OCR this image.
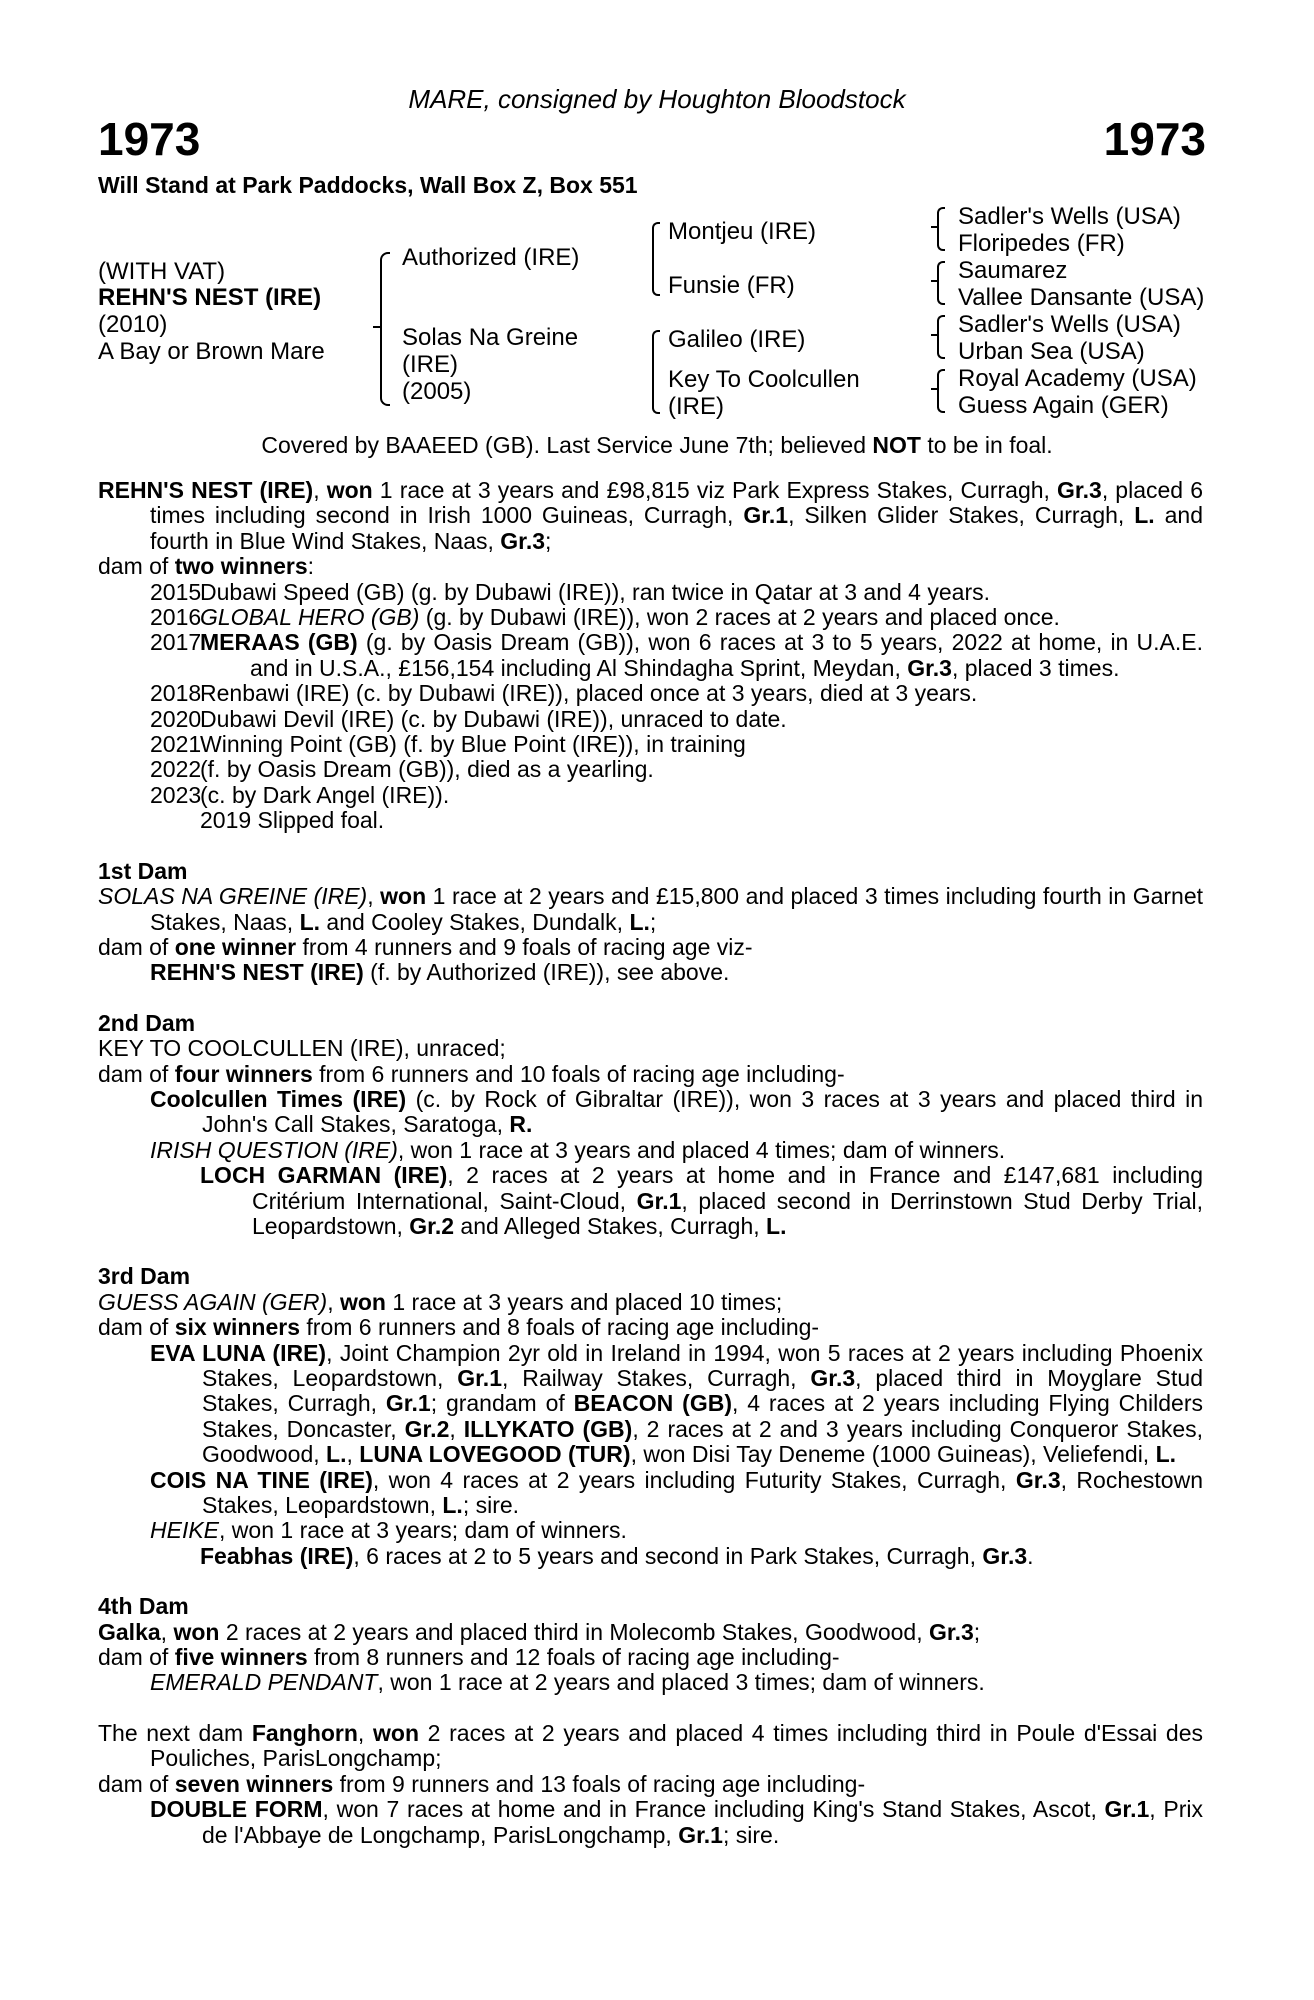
MARE, consigned by Houghton Bloodstock
1973	1973
Will Stand at Park Paddocks, Wall Box Z, Box 551
(WITH VAT)
REHN'S NEST (IRE)
(2010)
A Bay or Brown Mare
Authorized (IRE)
Solas Na Greine
(IRE)
(2005)
Montjeu (IRE)
Funsie (FR)
Galileo (IRE)
Key To Coolcullen
(IRE)
Sadler's Wells (USA)
Floripedes (FR)
Saumarez
Vallee Dansante (USA)
Sadler's Wells (USA)
Urban Sea (USA)
Royal Academy (USA)
Guess Again (GER)
Covered by BAAEED (GB). Last Service June 7th; believed NOT to be in foal.

REHN'S NEST (IRE), won 1 race at 3 years and £98,815 viz Park Express Stakes, Curragh, Gr.3, placed 6 times including second in Irish 1000 Guineas, Curragh, Gr.1, Silken Glider Stakes, Curragh, L. and fourth in Blue Wind Stakes, Naas, Gr.3;

dam of two winners:

2015
Dubawi Speed (GB) (g. by Dubawi (IRE)), ran twice in Qatar at 3 and 4 years.
2016
GLOBAL HERO (GB) (g. by Dubawi (IRE)), won 2 races at 2 years and placed once.
2017
MERAAS (GB) (g. by Oasis Dream (GB)), won 6 races at 3 to 5 years, 2022 at home, in U.A.E. and in U.S.A., £156,154 including Al Shindagha Sprint, Meydan, Gr.3, placed 3 times.
2018
Renbawi (IRE) (c. by Dubawi (IRE)), placed once at 3 years, died at 3 years.
2020
Dubawi Devil (IRE) (c. by Dubawi (IRE)), unraced to date.
2021
Winning Point (GB) (f. by Blue Point (IRE)), in training
2022
(f. by Oasis Dream (GB)), died as a yearling.
2023
(c. by Dark Angel (IRE)).
2019 Slipped foal.

1st Dam

SOLAS NA GREINE (IRE), won 1 race at 2 years and £15,800 and placed 3 times including fourth in Garnet Stakes, Naas, L. and Cooley Stakes, Dundalk, L.;

dam of one winner from 4 runners and 9 foals of racing age viz-

REHN'S NEST (IRE) (f. by Authorized (IRE)), see above.

2nd Dam

KEY TO COOLCULLEN (IRE), unraced;

dam of four winners from 6 runners and 10 foals of racing age including-

Coolcullen Times (IRE) (c. by Rock of Gibraltar (IRE)), won 3 races at 3 years and placed third in John's Call Stakes, Saratoga, R.

IRISH QUESTION (IRE), won 1 race at 3 years and placed 4 times; dam of winners.

LOCH GARMAN (IRE), 2 races at 2 years at home and in France and £147,681 including Critérium International, Saint-Cloud, Gr.1, placed second in Derrinstown Stud Derby Trial, Leopardstown, Gr.2 and Alleged Stakes, Curragh, L.

3rd Dam

GUESS AGAIN (GER), won 1 race at 3 years and placed 10 times;

dam of six winners from 6 runners and 8 foals of racing age including-

EVA LUNA (IRE), Joint Champion 2yr old in Ireland in 1994, won 5 races at 2 years including Phoenix Stakes, Leopardstown, Gr.1, Railway Stakes, Curragh, Gr.3, placed third in Moyglare Stud Stakes, Curragh, Gr.1; grandam of BEACON (GB), 4 races at 2 years including Flying Childers Stakes, Doncaster, Gr.2, ILLYKATO (GB), 2 races at 2 and 3 years including Conqueror Stakes, Goodwood, L., LUNA LOVEGOOD (TUR), won Disi Tay Deneme (1000 Guineas), Veliefendi, L.

COIS NA TINE (IRE), won 4 races at 2 years including Futurity Stakes, Curragh, Gr.3, Rochestown Stakes, Leopardstown, L.; sire.

HEIKE, won 1 race at 3 years; dam of winners.

Feabhas (IRE), 6 races at 2 to 5 years and second in Park Stakes, Curragh, Gr.3.

4th Dam

Galka, won 2 races at 2 years and placed third in Molecomb Stakes, Goodwood, Gr.3;

dam of five winners from 8 runners and 12 foals of racing age including-

EMERALD PENDANT, won 1 race at 2 years and placed 3 times; dam of winners.

The next dam Fanghorn, won 2 races at 2 years and placed 4 times including third in Poule d'Essai des Pouliches, ParisLongchamp;

dam of seven winners from 9 runners and 13 foals of racing age including-

DOUBLE FORM, won 7 races at home and in France including King's Stand Stakes, Ascot, Gr.1, Prix de l'Abbaye de Longchamp, ParisLongchamp, Gr.1; sire.
